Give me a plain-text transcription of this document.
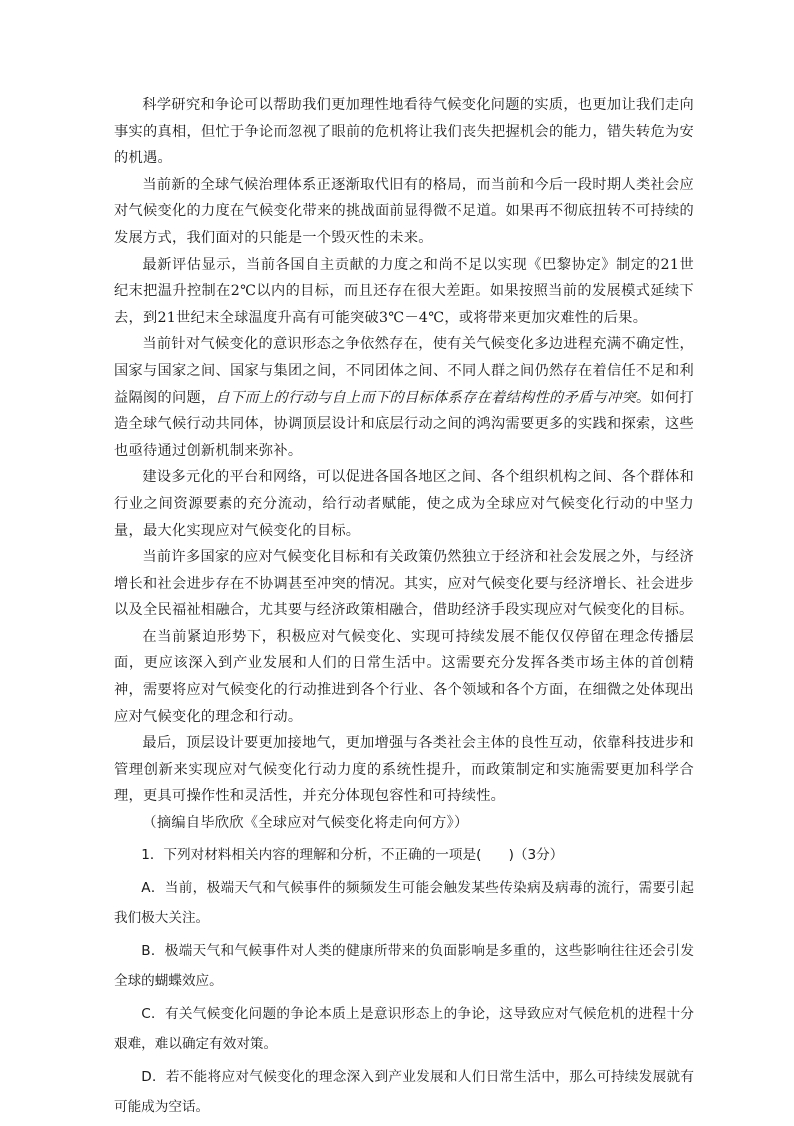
科学研究和争论可以帮助我们更加理性地看待气候变化问题的实质，也更加让我们走向事实的真相，但忙于争论而忽视了眼前的危机将让我们丧失把握机会的能力，错失转危为安的机遇。

当前新的全球气候治理体系正逐渐取代旧有的格局，而当前和今后一段时期人类社会应对气候变化的力度在气候变化带来的挑战面前显得微不足道。如果再不彻底扭转不可持续的发展方式，我们面对的只能是一个毁灭性的未来。

最新评估显示，当前各国自主贡献的力度之和尚不足以实现《巴黎协定》制定的21世纪末把温升控制在2℃以内的目标，而且还存在很大差距。如果按照当前的发展模式延续下去，到21世纪末全球温度升高有可能突破3℃－4℃，或将带来更加灾难性的后果。

当前针对气候变化的意识形态之争依然存在，使有关气候变化多边进程充满不确定性，国家与国家之间、国家与集团之间，不同团体之间、不同人群之间仍然存在着信任不足和利益隔阂的问题，自下而上的行动与自上而下的目标体系存在着结构性的矛盾与冲突。如何打造全球气候行动共同体，协调顶层设计和底层行动之间的鸿沟需要更多的实践和探索，这些也亟待通过创新机制来弥补。

建设多元化的平台和网络，可以促进各国各地区之间、各个组织机构之间、各个群体和行业之间资源要素的充分流动，给行动者赋能，使之成为全球应对气候变化行动的中坚力量，最大化实现应对气候变化的目标。

当前许多国家的应对气候变化目标和有关政策仍然独立于经济和社会发展之外，与经济增长和社会进步存在不协调甚至冲突的情况。其实，应对气候变化要与经济增长、社会进步以及全民福祉相融合，尤其要与经济政策相融合，借助经济手段实现应对气候变化的目标。

在当前紧迫形势下，积极应对气候变化、实现可持续发展不能仅仅停留在理念传播层面，更应该深入到产业发展和人们的日常生活中。这需要充分发挥各类市场主体的首创精神，需要将应对气候变化的行动推进到各个行业、各个领域和各个方面，在细微之处体现出应对气候变化的理念和行动。

最后，顶层设计要更加接地气，更加增强与各类社会主体的良性互动，依靠科技进步和管理创新来实现应对气候变化行动力度的系统性提升，而政策制定和实施需要更加科学合理，更具可操作性和灵活性，并充分体现包容性和可持续性。

（摘编自毕欣欣《全球应对气候变化将走向何方》）

1．下列对材料相关内容的理解和分析，不正确的一项是(　　)（3分）

A．当前，极端天气和气候事件的频频发生可能会触发某些传染病及病毒的流行，需要引起我们极大关注。

B．极端天气和气候事件对人类的健康所带来的负面影响是多重的，这些影响往往还会引发全球的蝴蝶效应。

C．有关气候变化问题的争论本质上是意识形态上的争论，这导致应对气候危机的进程十分艰难，难以确定有效对策。

D．若不能将应对气候变化的理念深入到产业发展和人们日常生活中，那么可持续发展就有可能成为空话。
